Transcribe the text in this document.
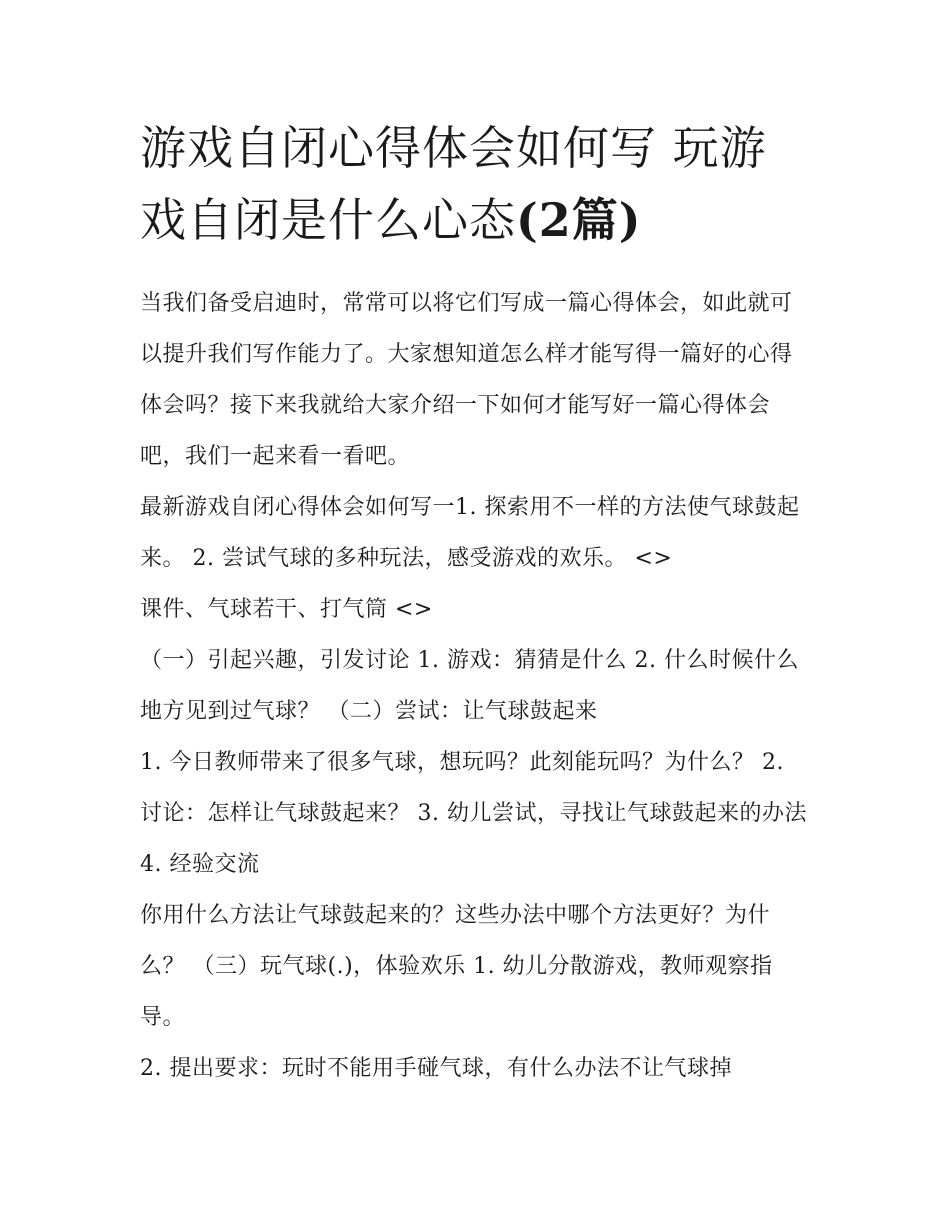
游戏自闭心得体会如何写 玩游戏自闭是什么心态(2篇)

当我们备受启迪时，常常可以将它们写成一篇心得体会，如此就可以提升我们写作能力了。大家想知道怎么样才能写得一篇好的心得体会吗？接下来我就给大家介绍一下如何才能写好一篇心得体会吧，我们一起来看一看吧。

最新游戏自闭心得体会如何写一1. 探索用不一样的方法使气球鼓起来。 2. 尝试气球的多种玩法，感受游戏的欢乐。 <>

课件、气球若干、打气筒 <>

（一）引起兴趣，引发讨论 1. 游戏：猜猜是什么 2. 什么时候什么地方见到过气球？ （二）尝试：让气球鼓起来

1. 今日教师带来了很多气球，想玩吗？此刻能玩吗？为什么？ 2. 讨论：怎样让气球鼓起来？ 3. 幼儿尝试，寻找让气球鼓起来的办法 4. 经验交流

你用什么方法让气球鼓起来的？这些办法中哪个方法更好？为什么？ （三）玩气球(.)，体验欢乐 1. 幼儿分散游戏，教师观察指导。

2. 提出要求：玩时不能用手碰气球，有什么办法不让气球掉
